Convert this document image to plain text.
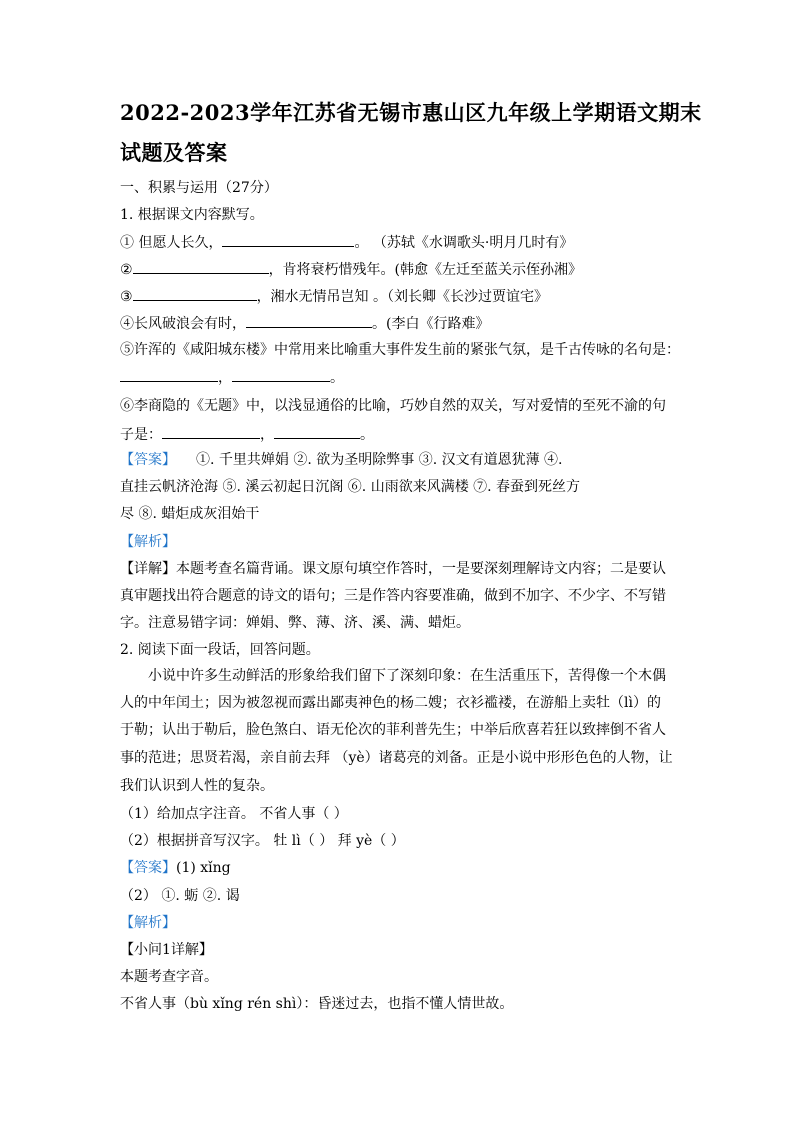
2022-2023学年江苏省无锡市惠山区九年级上学期语文期末
试题及答案
一、积累与运用（27分）
1. 根据课文内容默写。
① 但愿人长久，	。 （苏轼《水调歌头·明月几时有》
②	，肯将衰朽惜残年。(韩愈《左迁至蓝关示侄孙湘》
③	，湘水无情吊岂知 。（刘长卿《长沙过贾谊宅》
④长风破浪会有时，	。(李白《行路难》
⑤许浑的《咸阳城东楼》中常用来比喻重大事件发生前的紧张气氛，是千古传咏的名句是：
，	。
⑥李商隐的《无题》中，以浅显通俗的比喻，巧妙自然的双关，写对爱情的至死不渝的句
子是：	，	。
【答案】 ①. 千里共婵娟 ②. 欲为圣明除弊事 ③. 汉文有道恩犹薄 ④.
直挂云帆济沧海 ⑤. 溪云初起日沉阁 ⑥. 山雨欲来风满楼 ⑦. 春蚕到死丝方
尽 ⑧. 蜡炬成灰泪始干
【解析】
【详解】本题考查名篇背诵。课文原句填空作答时，一是要深刻理解诗文内容；二是要认
真审题找出符合题意的诗文的语句；三是作答内容要准确，做到不加字、不少字、不写错
字。注意易错字词：婵娟、弊、薄、济、溪、满、蜡炬。
2. 阅读下面一段话，回答问题。
小说中许多生动鲜活的形象给我们留下了深刻印象：在生活重压下，苦得像一个木偶
人的中年闰土；因为被忽视而露出鄙夷神色的杨二嫂；衣衫褴褛，在游船上卖牡（lì）的
于勒；认出于勒后，脸色煞白、语无伦次的菲利普先生；中举后欣喜若狂以致摔倒不省人
事的范进；思贤若渴，亲自前去拜 （yè）诸葛亮的刘备。正是小说中形形色色的人物，让
我们认识到人性的复杂。
（1）给加点字注音。 不省人事（ ）
（2）根据拼音写汉字。 牡 lì（ ） 拜 yè（ ）
【答案】(1) xǐng
（2） ①. 蛎 ②. 谒
【解析】
【小问1详解】
本题考查字音。
不省人事（bù xǐng rén shì）：昏迷过去，也指不懂人情世故。
